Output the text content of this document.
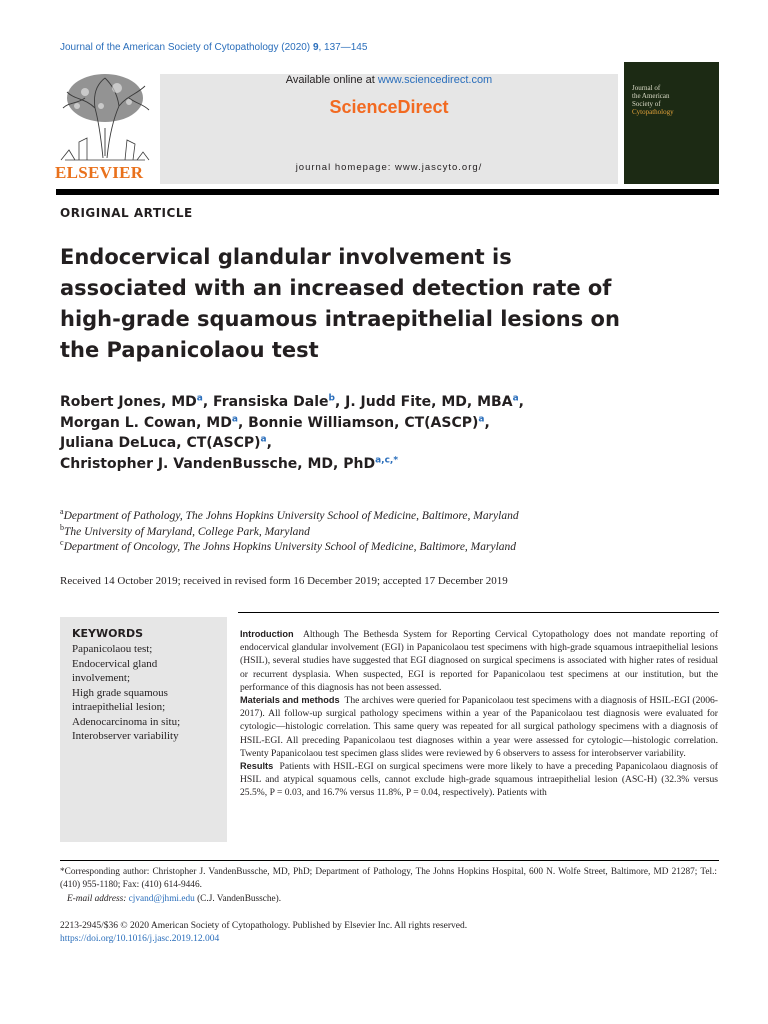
Journal of the American Society of Cytopathology (2020) 9, 137—145
ELSEVIER
Available online at www.sciencedirect.com
ScienceDirect
journal homepage: www.jascyto.org/
Journal of
the American
Society of
Cytopathology
ORIGINAL ARTICLE
Endocervical glandular involvement is
associated with an increased detection rate of
high-grade squamous intraepithelial lesions on
the Papanicolaou test
Robert Jones, $MD^a$, Fransiska Dale$^b$, J. Judd Fite, MD, MBA$^a$,
Morgan L. Cowan, $MD^a$, Bonnie Williamson, CT(ASCP)$^a$,
Juliana DeLuca, CT(ASCP)$^a$,
Christopher J. VandenBussche, MD, PhD$^{a,c,*}$
$^a$Department of Pathology, The Johns Hopkins University School of Medicine, Baltimore, Maryland
$^b$The University of Maryland, College Park, Maryland
$^c$Department of Oncology, The Johns Hopkins University School of Medicine, Baltimore, Maryland
Received 14 October 2019; received in revised form 16 December 2019; accepted 17 December 2019
KEYWORDS
Papanicolaou test;
Endocervical gland
involvement;
High grade squamous
intraepithelial lesion;
Adenocarcinoma in situ;
Interobserver variability
Introduction Although The Bethesda System for Reporting Cervical Cytopathology does not mandate reporting of endocervical glandular involvement (EGI) in Papanicolaou test specimens with high-grade squamous intraepithelial lesions (HSIL), several studies have suggested that EGI diagnosed on surgical specimens is associated with higher rates of residual or recurrent dysplasia. When suspected, EGI is reported for Papanicolaou test specimens at our institution, but the performance of this diagnosis has not been assessed.
Materials and methods The archives were queried for Papanicolaou test specimens with a diagnosis of HSIL-EGI (2006-2017). All follow-up surgical pathology specimens within a year of the Papanicolaou test diagnosis were evaluated for cytologic—histologic correlation. This same query was repeated for all surgical pathology specimens with a diagnosis of HSIL-EGI. All preceding Papanicolaou test diagnoses within a year were assessed for cytologic—histologic correlation. Twenty Papanicolaou test specimen glass slides were reviewed by 6 observers to assess for interobserver variability.
Results Patients with HSIL-EGI on surgical specimens were more likely to have a preceding Papanicolaou diagnosis of HSIL and atypical squamous cells, cannot exclude high-grade squamous intraepithelial lesion (ASC-H) (32.3% versus 25.5%, P = 0.03, and 16.7% versus 11.8%, P = 0.04, respectively). Patients with
*Corresponding author: Christopher J. VandenBussche, MD, PhD; Department of Pathology, The Johns Hopkins Hospital, 600 N. Wolfe Street, Baltimore, MD 21287; Tel.: (410) 955-1180; Fax: (410) 614-9446.
E-mail address: cjvand@jhmi.edu (C.J. VandenBussche).
2213-2945/$36 © 2020 American Society of Cytopathology. Published by Elsevier Inc. All rights reserved.
https://doi.org/10.1016/j.jasc.2019.12.004
